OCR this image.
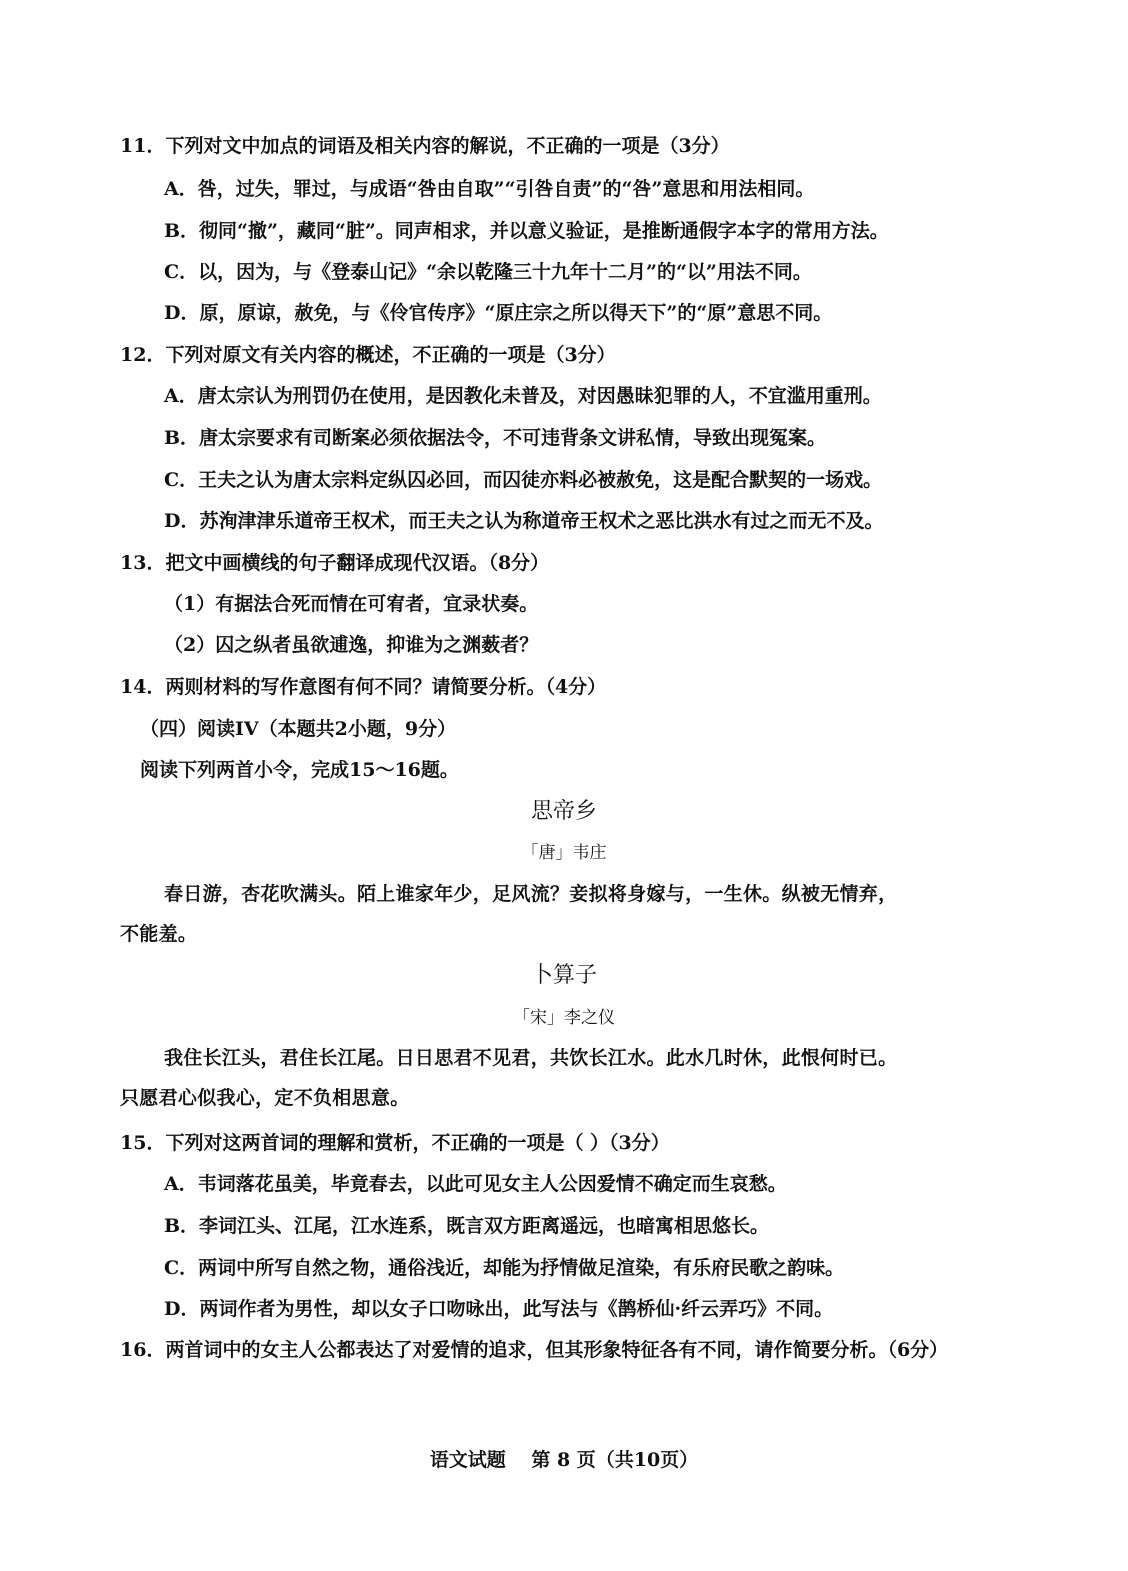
11．下列对文中加点的词语及相关内容的解说，不正确的一项是（3分）
A．咎，过失，罪过，与成语“咎由自取”“引咎自责”的“咎”意思和用法相同。
B．彻同“撤”，藏同“脏”。同声相求，并以意义验证，是推断通假字本字的常用方法。
C．以，因为，与《登泰山记》“余以乾隆三十九年十二月”的“以”用法不同。
D．原，原谅，赦免，与《伶官传序》“原庄宗之所以得天下”的“原”意思不同。
12．下列对原文有关内容的概述，不正确的一项是（3分）
A．唐太宗认为刑罚仍在使用，是因教化未普及，对因愚昧犯罪的人，不宜滥用重刑。
B．唐太宗要求有司断案必须依据法令，不可违背条文讲私情，导致出现冤案。
C．王夫之认为唐太宗料定纵囚必回，而囚徒亦料必被赦免，这是配合默契的一场戏。
D．苏洵津津乐道帝王权术，而王夫之认为称道帝王权术之恶比洪水有过之而无不及。
13．把文中画横线的句子翻译成现代汉语。（8分）
（1）有据法合死而情在可宥者，宜录状奏。
（2）囚之纵者虽欲逋逸，抑谁为之渊薮者？
14．两则材料的写作意图有何不同？请简要分析。（4分）
（四）阅读IV（本题共2小题，9分）
阅读下列两首小令，完成15～16题。
思帝乡
「唐」韦庄
春日游，杏花吹满头。陌上谁家年少，足风流？妾拟将身嫁与，一生休。纵被无情弃，
不能羞。
卜算子
「宋」李之仪
我住长江头，君住长江尾。日日思君不见君，共饮长江水。此水几时休，此恨何时已。
只愿君心似我心，定不负相思意。
15．下列对这两首词的理解和赏析，不正确的一项是（ ）（3分）
A．韦词落花虽美，毕竟春去，以此可见女主人公因爱情不确定而生哀愁。
B．李词江头、江尾，江水连系，既言双方距离遥远，也暗寓相思悠长。
C．两词中所写自然之物，通俗浅近，却能为抒情做足渲染，有乐府民歌之韵味。
D．两词作者为男性，却以女子口吻咏出，此写法与《鹊桥仙·纤云弄巧》不同。
16．两首词中的女主人公都表达了对爱情的追求，但其形象特征各有不同，请作简要分析。（6分）
语文试题　 第 8 页（共10页）
